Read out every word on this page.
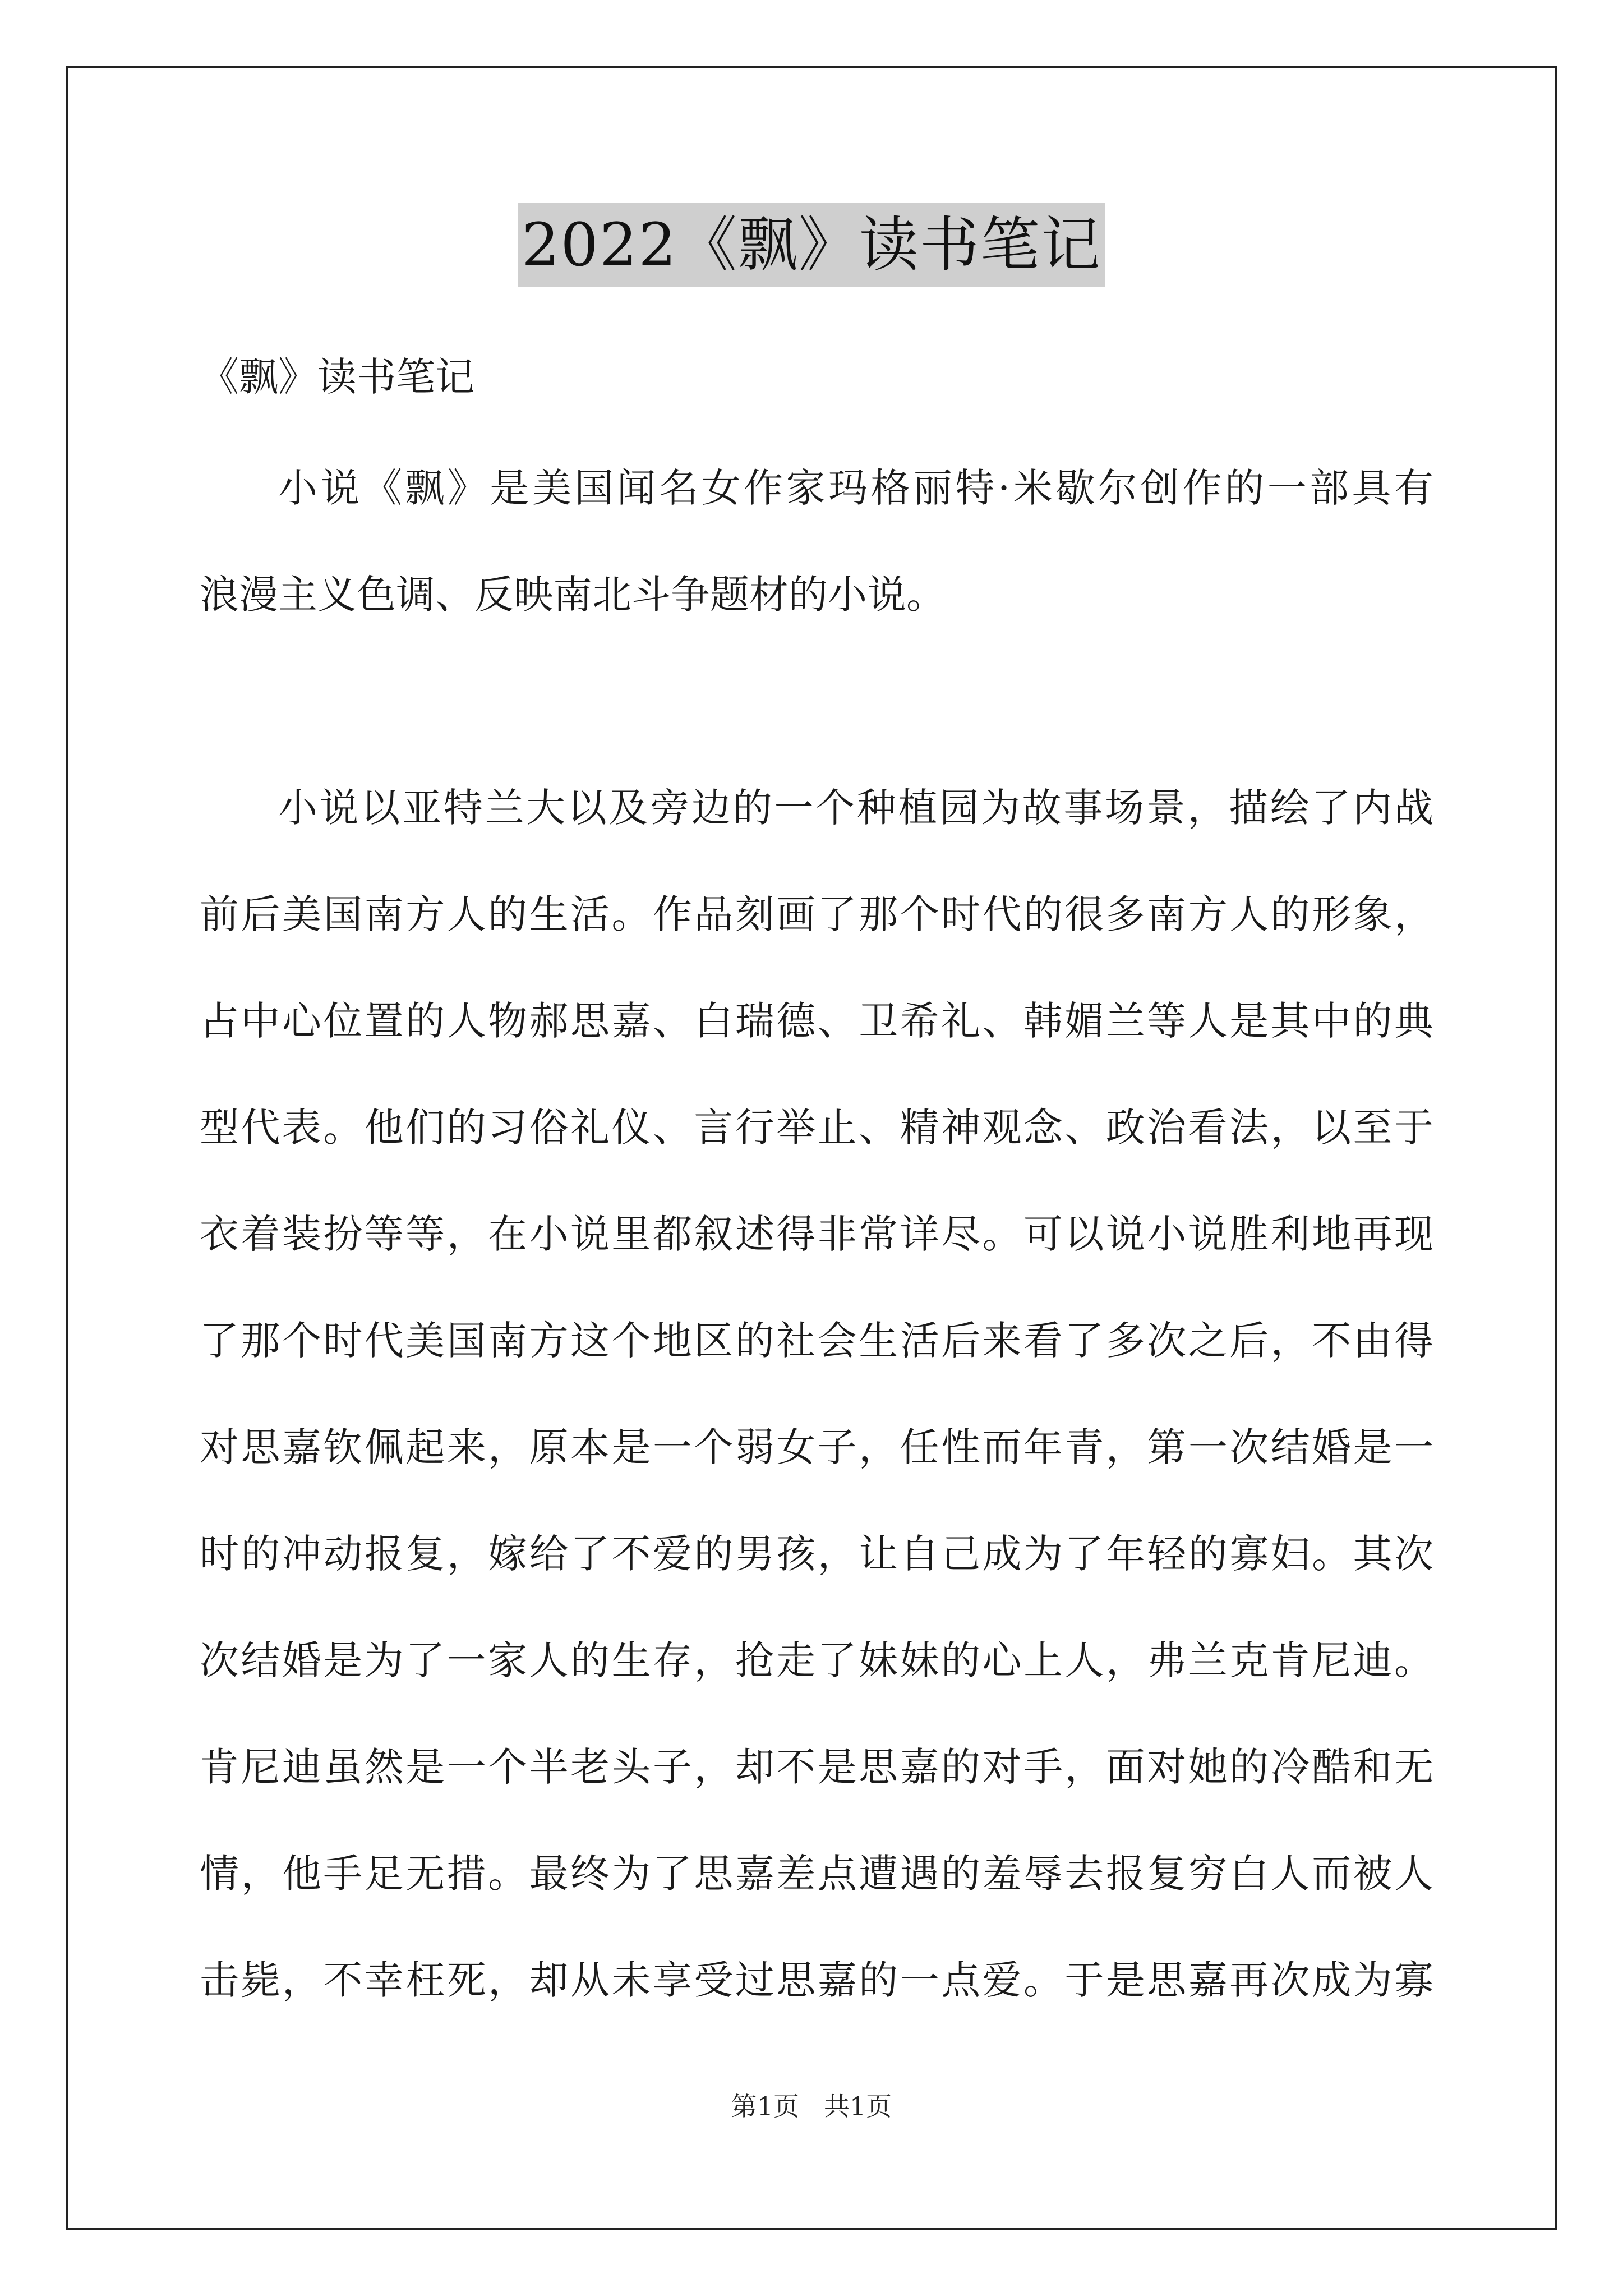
2022《飘》读书笔记
《飘》读书笔记
小说《飘》是美国闻名女作家玛格丽特·米歇尔创作的一部具有
浪漫主义色调、反映南北斗争题材的小说。
小说以亚特兰大以及旁边的一个种植园为故事场景，描绘了内战
前后美国南方人的生活。作品刻画了那个时代的很多南方人的形象，
占中心位置的人物郝思嘉、白瑞德、卫希礼、韩媚兰等人是其中的典
型代表。他们的习俗礼仪、言行举止、精神观念、政治看法，以至于
衣着装扮等等，在小说里都叙述得非常详尽。可以说小说胜利地再现
了那个时代美国南方这个地区的社会生活后来看了多次之后，不由得
对思嘉钦佩起来，原本是一个弱女子，任性而年青，第一次结婚是一
时的冲动报复，嫁给了不爱的男孩，让自己成为了年轻的寡妇。其次
次结婚是为了一家人的生存，抢走了妹妹的心上人，弗兰克肯尼迪。
肯尼迪虽然是一个半老头子，却不是思嘉的对手，面对她的冷酷和无
情，他手足无措。最终为了思嘉差点遭遇的羞辱去报复穷白人而被人
击毙，不幸枉死，却从未享受过思嘉的一点爱。于是思嘉再次成为寡
第1页 共1页
